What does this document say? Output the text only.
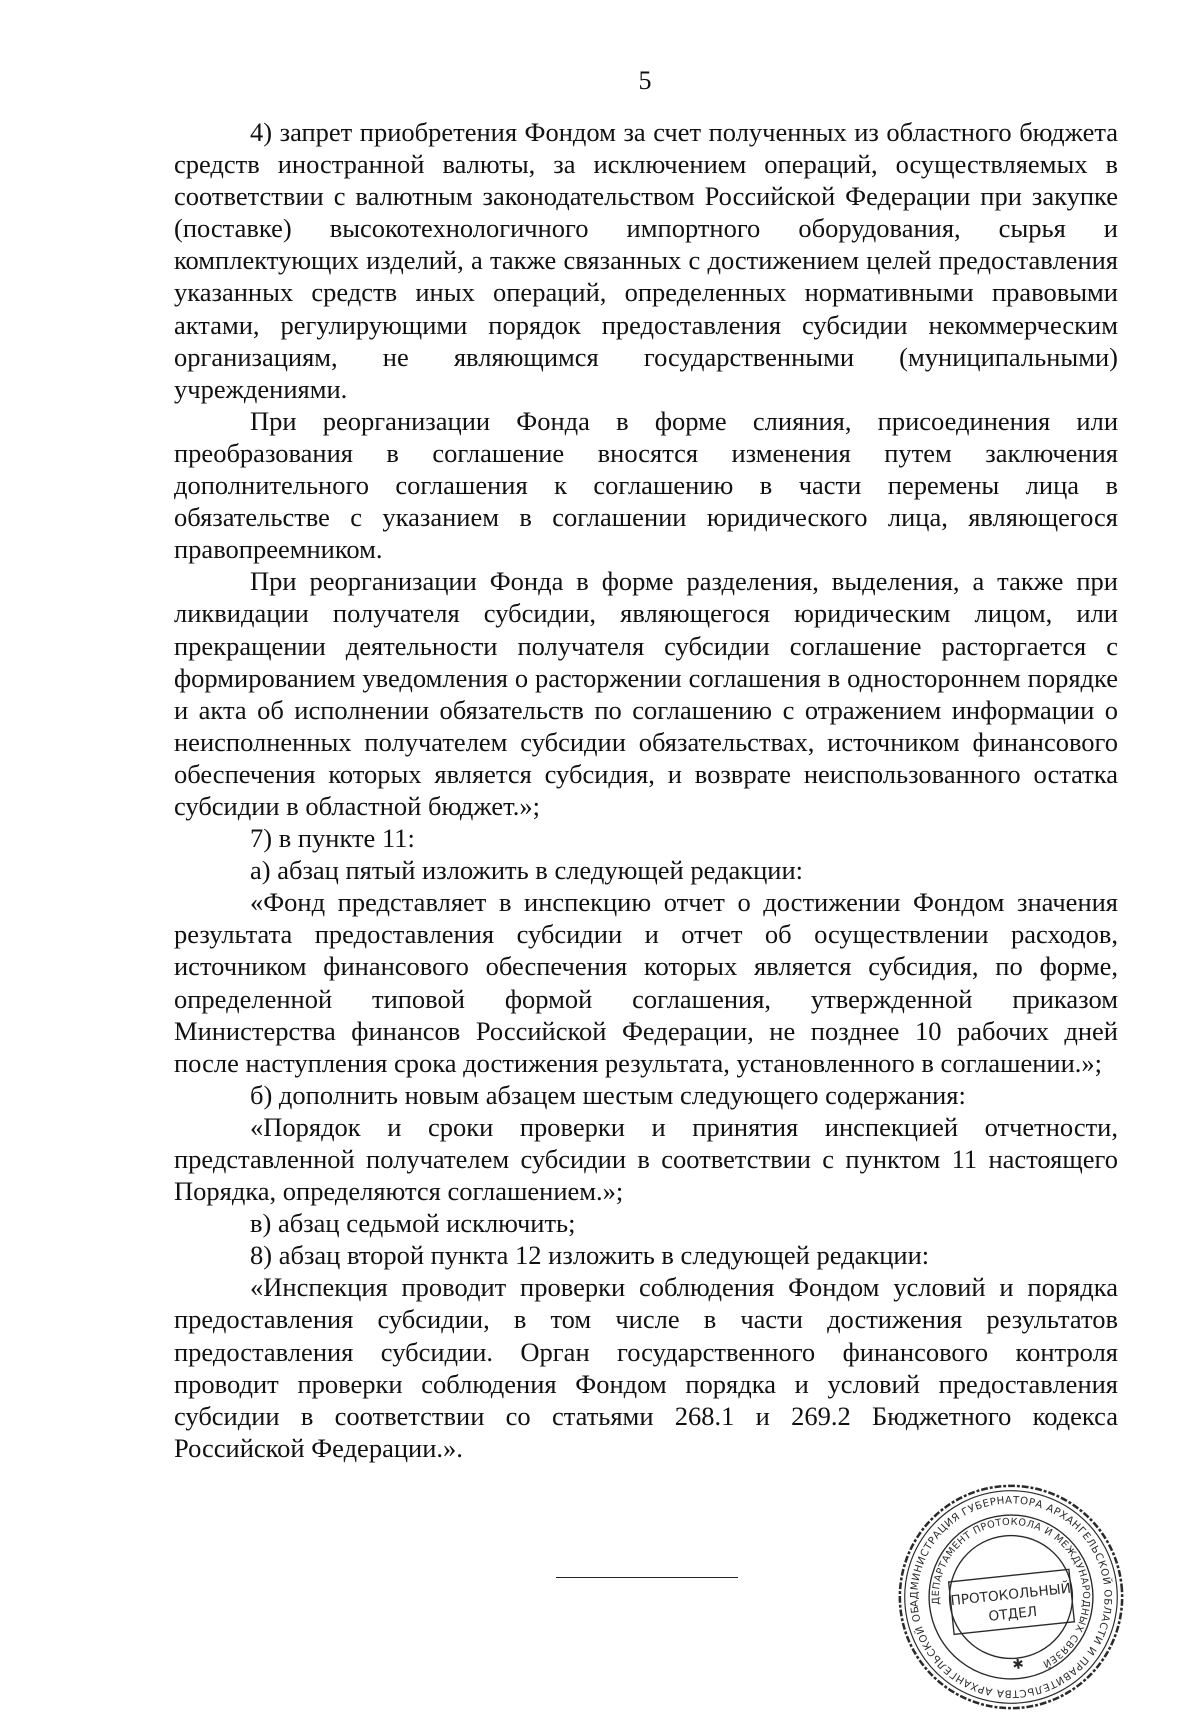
5

4) запрет приобретения Фондом за счет полученных из областного бюджета средств иностранной валюты, за исключением операций, осуществляемых в соответствии с валютным законодательством Российской Федерации при закупке (поставке) высокотехнологичного импортного оборудования, сырья и комплектующих изделий, а также связанных с достижением целей предоставления указанных средств иных операций, определенных нормативными правовыми актами, регулирующими порядок предоставления субсидии некоммерческим организациям, не являющимся государственными (муниципальными) учреждениями.

При реорганизации Фонда в форме слияния, присоединения или преобразования в соглашение вносятся изменения путем заключения дополнительного соглашения к соглашению в части перемены лица в обязательстве с указанием в соглашении юридического лица, являющегося правопреемником.

При реорганизации Фонда в форме разделения, выделения, а также при ликвидации получателя субсидии, являющегося юридическим лицом, или прекращении деятельности получателя субсидии соглашение расторгается с формированием уведомления о расторжении соглашения в одностороннем порядке и акта об исполнении обязательств по соглашению с отражением информации о неисполненных получателем субсидии обязательствах, источником финансового обеспечения которых является субсидия, и возврате неиспользованного остатка субсидии в областной бюджет.»;

7) в пункте 11:

а) абзац пятый изложить в следующей редакции:

«Фонд представляет в инспекцию отчет о достижении Фондом значения результата предоставления субсидии и отчет об осуществлении расходов, источником финансового обеспечения которых является субсидия, по форме, определенной типовой формой соглашения, утвержденной приказом Министерства финансов Российской Федерации, не позднее 10 рабочих дней после наступления срока достижения результата, установленного в соглашении.»;

б) дополнить новым абзацем шестым следующего содержания:

«Порядок и сроки проверки и принятия инспекцией отчетности, представленной получателем субсидии в соответствии с пунктом 11 настоящего Порядка, определяются соглашением.»;

в) абзац седьмой исключить;

8) абзац второй пункта 12 изложить в следующей редакции:

«Инспекция проводит проверки соблюдения Фондом условий и порядка предоставления субсидии, в том числе в части достижения результатов предоставления субсидии. Орган государственного финансового контроля проводит проверки соблюдения Фондом порядка и условий предоставления субсидии в соответствии со статьями 268.1 и 269.2 Бюджетного кодекса Российской Федерации.».

АДМИНИСТРАЦИЯ ГУБЕРНАТОРА АРХАНГЕЛЬСКОЙ ОБЛАСТИ И ПРАВИТЕЛЬСТВА АРХАНГЕЛЬСКОЙ ОБЛАСТИ
ДЕПАРТАМЕНТ ПРОТОКОЛА И МЕЖДУНАРОДНЫХ СВЯЗЕЙ
ПРОТОКОЛЬНЫЙ
ОТДЕЛ
✱
